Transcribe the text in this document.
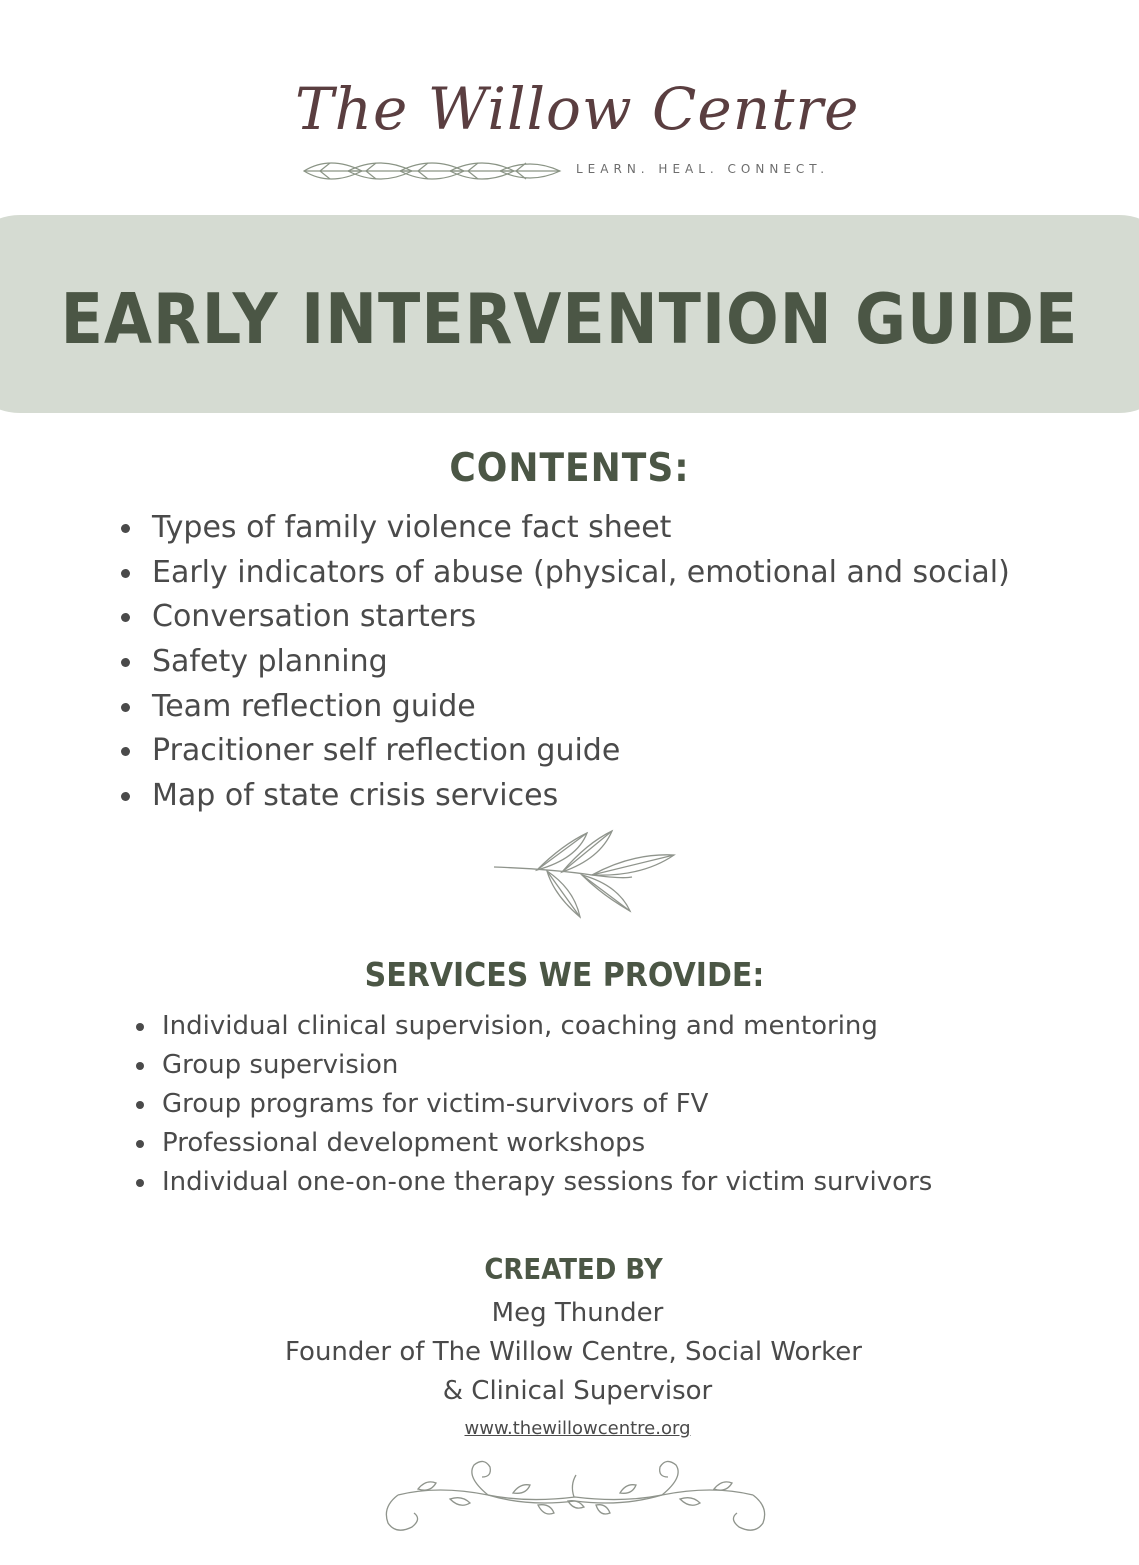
The Willow Centre
LEARN. HEAL. CONNECT.
EARLY INTERVENTION GUIDE
CONTENTS:
Types of family violence fact sheet
Early indicators of abuse (physical, emotional and social)
Conversation starters
Safety planning
Team reflection guide
Pracitioner self reflection guide
Map of state crisis services
SERVICES WE PROVIDE:
Individual clinical supervision, coaching and mentoring
Group supervision
Group programs for victim-survivors of FV
Professional development workshops
Individual one-on-one therapy sessions for victim survivors
CREATED BY
Meg Thunder
Founder of The Willow Centre, Social Worker
& Clinical Supervisor
www.thewillowcentre.org
